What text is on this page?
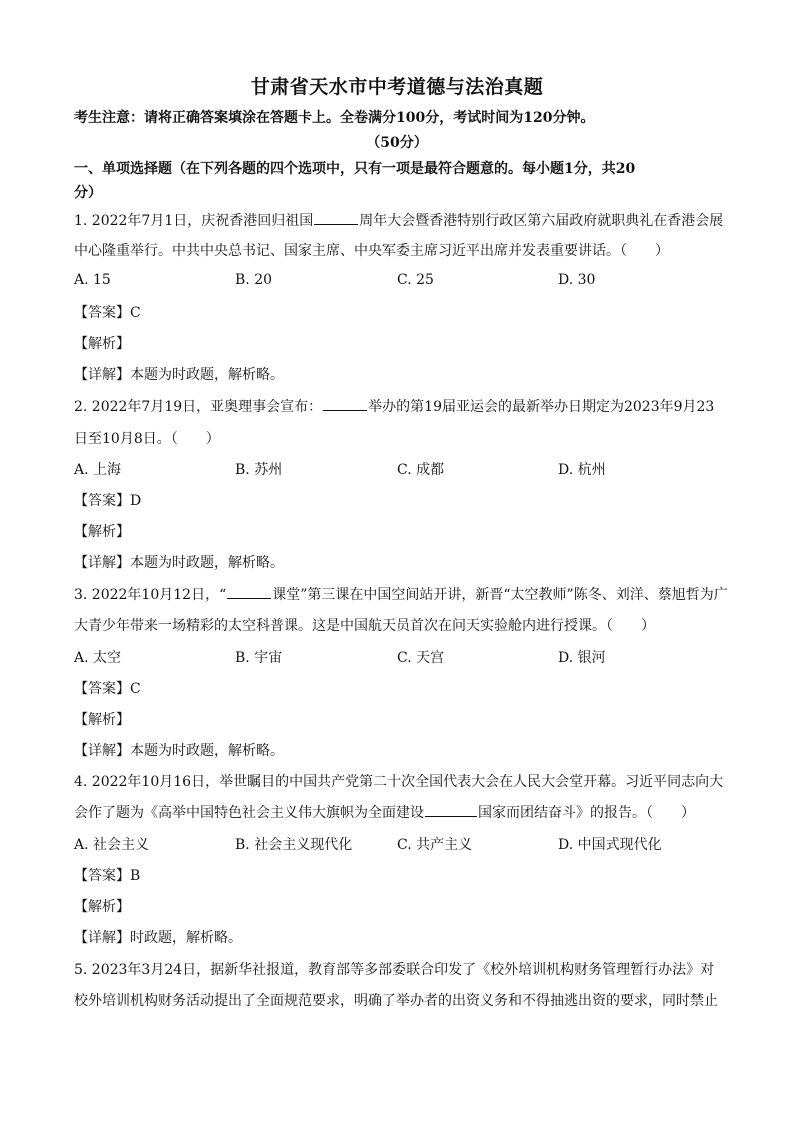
甘肃省天水市中考道德与法治真题
考生注意：请将正确答案填涂在答题卡上。全卷满分100分，考试时间为120分钟。
（50分）
一、单项选择题（在下列各题的四个选项中，只有一项是最符合题意的。每小题1分，共20
分）
1. 2022年7月1日，庆祝香港回归祖国	周年大会暨香港特别行政区第六届政府就职典礼在香港会展
中心隆重举行。中共中央总书记、国家主席、中央军委主席习近平出席并发表重要讲话。（　　）
A. 15	B. 20	C. 25	D. 30
【答案】C
【解析】
【详解】本题为时政题，解析略。
2. 2022年7月19日，亚奥理事会宣布：	举办的第19届亚运会的最新举办日期定为2023年9月23
日至10月8日。（　　）
A. 上海	B. 苏州	C. 成都	D. 杭州
【答案】D
【解析】
【详解】本题为时政题，解析略。
3. 2022年10月12日，“	课堂”第三课在中国空间站开讲，新晋“太空教师”陈冬、刘洋、蔡旭哲为广
大青少年带来一场精彩的太空科普课。这是中国航天员首次在问天实验舱内进行授课。（　　）
A. 太空	B. 宇宙	C. 天宫	D. 银河
【答案】C
【解析】
【详解】本题为时政题，解析略。
4. 2022年10月16日，举世瞩目的中国共产党第二十次全国代表大会在人民大会堂开幕。习近平同志向大
会作了题为《高举中国特色社会主义伟大旗帜为全面建设	国家而团结奋斗》的报告。（　　）
A. 社会主义	B. 社会主义现代化	C. 共产主义	D. 中国式现代化
【答案】B
【解析】
【详解】时政题，解析略。
5. 2023年3月24日，据新华社报道，教育部等多部委联合印发了《校外培训机构财务管理暂行办法》对
校外培训机构财务活动提出了全面规范要求，明确了举办者的出资义务和不得抽逃出资的要求，同时禁止
